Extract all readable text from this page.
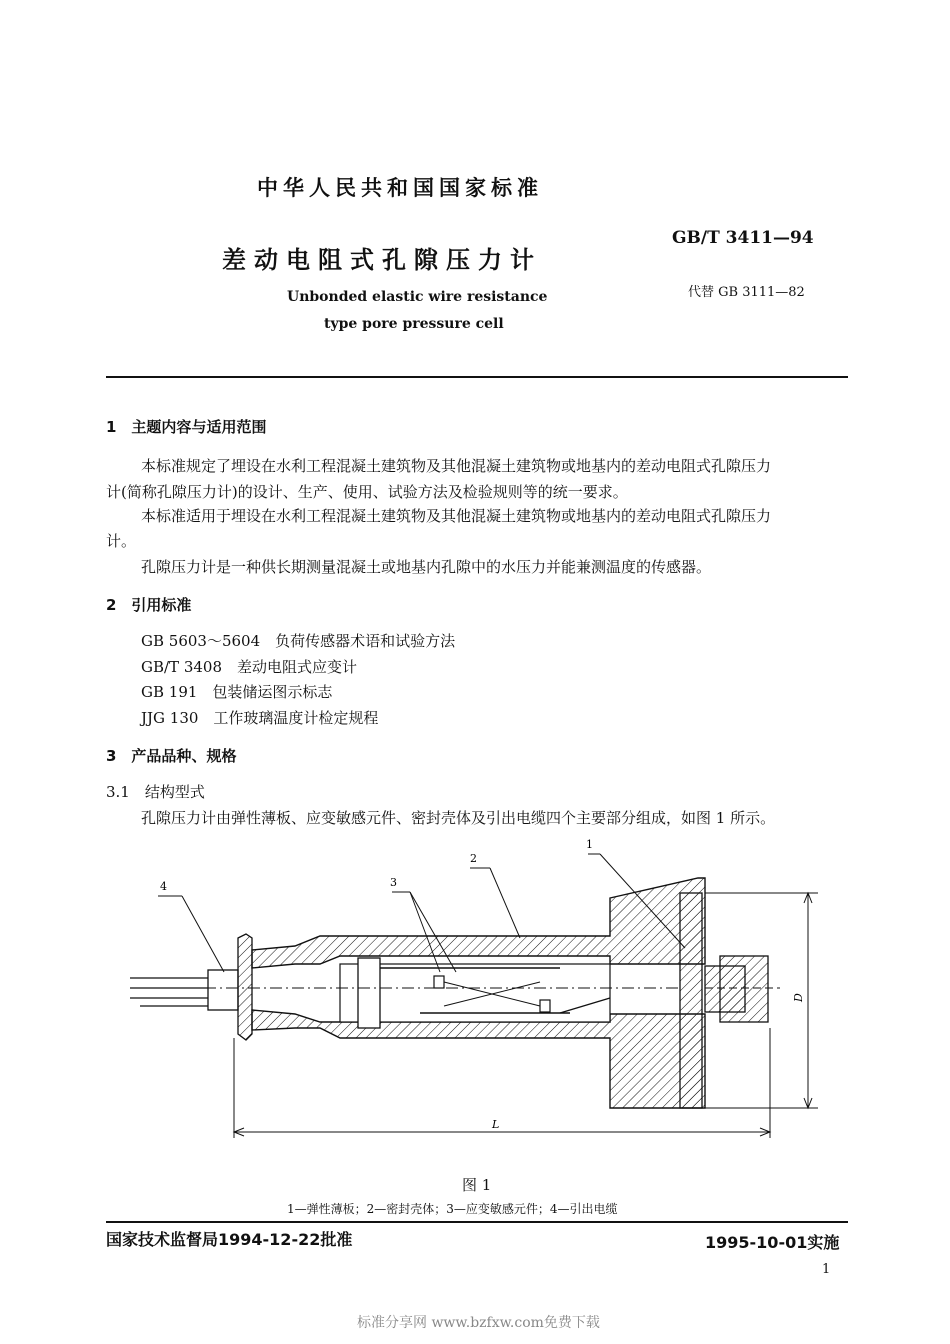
中华人民共和国国家标准
差动电阻式孔隙压力计
Unbonded elastic wire resistance
type pore pressure cell
GB/T 3411—94
代替 GB 3111—82
1　主题内容与适用范围
本标准规定了埋设在水利工程混凝土建筑物及其他混凝土建筑物或地基内的差动电阻式孔隙压力
计(简称孔隙压力计)的设计、生产、使用、试验方法及检验规则等的统一要求。
本标准适用于埋设在水利工程混凝土建筑物及其他混凝土建筑物或地基内的差动电阻式孔隙压力
计。
孔隙压力计是一种供长期测量混凝土或地基内孔隙中的水压力并能兼测温度的传感器。
2　引用标准
GB 5603～5604　负荷传感器术语和试验方法
GB/T 3408　差动电阻式应变计
GB 191　包装储运图示标志
JJG 130　工作玻璃温度计检定规程
3　产品品种、规格
3.1　结构型式
孔隙压力计由弹性薄板、应变敏感元件、密封壳体及引出电缆四个主要部分组成，如图 1 所示。
4
2
3
1
L
D
图 1
1—弹性薄板；2—密封壳体；3—应变敏感元件；4—引出电缆
国家技术监督局1994-12-22批准	1995-10-01实施
1
标准分享网 www.bzfxw.com免费下载
